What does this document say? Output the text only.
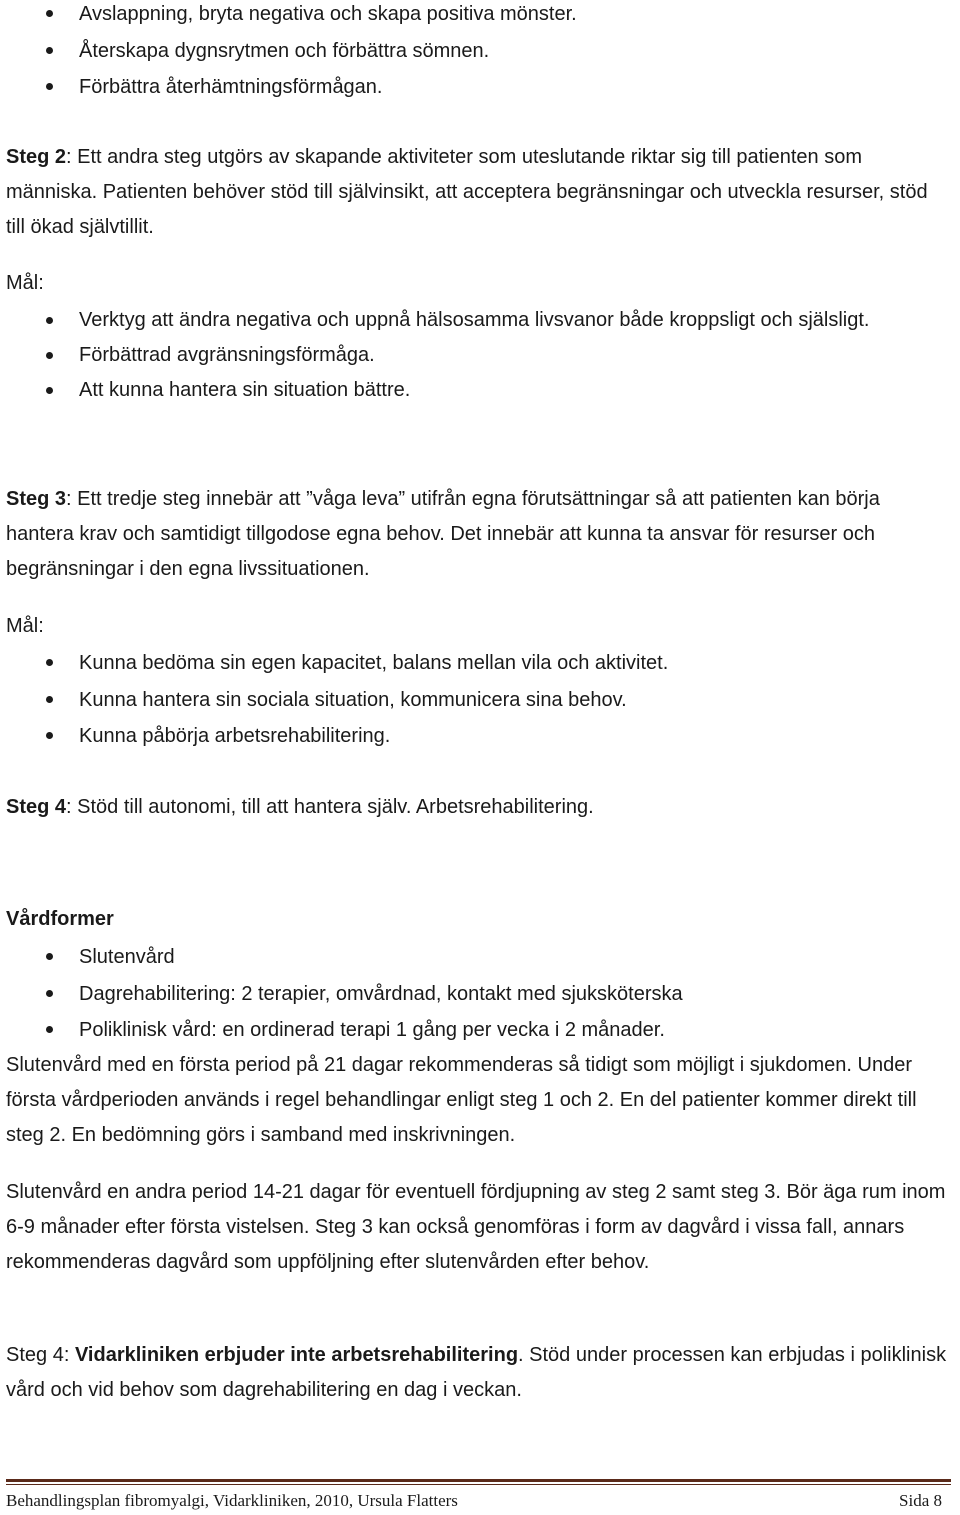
Avslappning, bryta negativa och skapa positiva mönster.
Återskapa dygnsrytmen och förbättra sömnen.
Förbättra återhämtningsförmågan.

Steg 2: Ett andra steg utgörs av skapande aktiviteter som uteslutande riktar sig till patienten som människa. Patienten behöver stöd till självinsikt, att acceptera begränsningar och utveckla resurser, stöd till ökad självtillit.

Mål:

Verktyg att ändra negativa och uppnå hälsosamma livsvanor både kroppsligt och själsligt.
Förbättrad avgränsningsförmåga.
Att kunna hantera sin situation bättre.

Steg 3: Ett tredje steg innebär att ”våga leva” utifrån egna förutsättningar så att patienten kan börja hantera krav och samtidigt tillgodose egna behov. Det innebär att kunna ta ansvar för resurser och begränsningar i den egna livssituationen.

Mål:

Kunna bedöma sin egen kapacitet, balans mellan vila och aktivitet.
Kunna hantera sin sociala situation, kommunicera sina behov.
Kunna påbörja arbetsrehabilitering.

Steg 4: Stöd till autonomi, till att hantera själv. Arbetsrehabilitering.

Vårdformer

Slutenvård
Dagrehabilitering: 2 terapier, omvårdnad, kontakt med sjuksköterska
Poliklinisk vård: en ordinerad terapi 1 gång per vecka i 2 månader.

Slutenvård med en första period på 21 dagar rekommenderas så tidigt som möjligt i sjukdomen. Under första vårdperioden används i regel behandlingar enligt steg 1 och 2. En del patienter kommer direkt till steg 2. En bedömning görs i samband med inskrivningen.

Slutenvård en andra period 14-21 dagar för eventuell fördjupning av steg 2 samt steg 3. Bör äga rum inom 6-9 månader efter första vistelsen. Steg 3 kan också genomföras i form av dagvård i vissa fall, annars rekommenderas dagvård som uppföljning efter slutenvården efter behov.

Steg 4: Vidarkliniken erbjuder inte arbetsrehabilitering. Stöd under processen kan erbjudas i poliklinisk vård och vid behov som dagrehabilitering en dag i veckan.

Behandlingsplan fibromyalgi, Vidarkliniken, 2010, Ursula Flatters	Sida 8
